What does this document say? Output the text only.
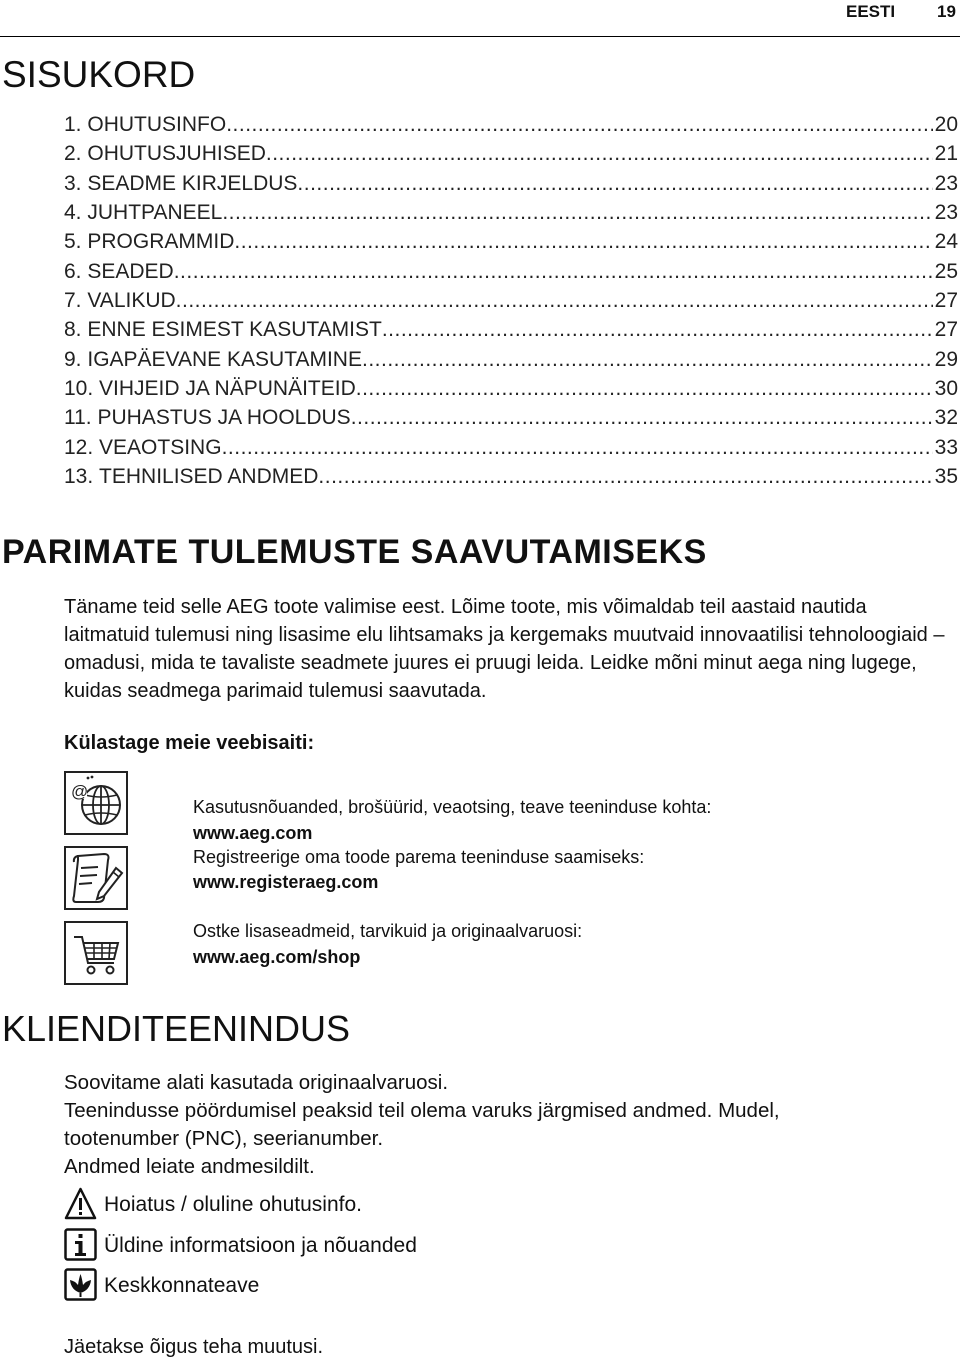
EESTI 19
SISUKORD
1. OHUTUSINFO .....	20
2. OHUTUSJUHISED .....	21
3. SEADME KIRJELDUS .....	23
4. JUHTPANEEL .....	23
5. PROGRAMMID .....	24
6. SEADED .....	25
7. VALIKUD .....	27
8. ENNE ESIMEST KASUTAMIST .....	27
9. IGAPÄEVANE KASUTAMINE .....	29
10. VIHJEID JA NÄPUNÄITEID .....	30
11. PUHASTUS JA HOOLDUS .....	32
12. VEAOTSING .....	33
13. TEHNILISED ANDMED .....	35
PARIMATE TULEMUSTE SAAVUTAMISEKS
Täname teid selle AEG toote valimise eest. Lõime toote, mis võimaldab teil aastaid nautida laitmatuid tulemusi ning lisasime elu lihtsamaks ja kergemaks muutvaid innovaatilisi tehnoloogiaid – omadusi, mida te tavaliste seadmete juures ei pruugi leida. Leidke mõni minut aega ning lugege, kuidas seadmega parimaid tulemusi saavutada.
Külastage meie veebisaiti:
@
Kasutusnõuanded, brošüürid, veaotsing, teave teeninduse kohta:
www.aeg.com
Registreerige oma toode parema teeninduse saamiseks:
www.registeraeg.com
Ostke lisaseadmeid, tarvikuid ja originaalvaruosi:
www.aeg.com/shop
KLIENDITEENINDUS
Soovitame alati kasutada originaalvaruosi.
Teenindusse pöördumisel peaksid teil olema varuks järgmised andmed. Mudel,
tootenumber (PNC), seerianumber.
Andmed leiate andmesildilt.
Hoiatus / oluline ohutusinfo.
Üldine informatsioon ja nõuanded
Keskkonnateave
Jäetakse õigus teha muutusi.
